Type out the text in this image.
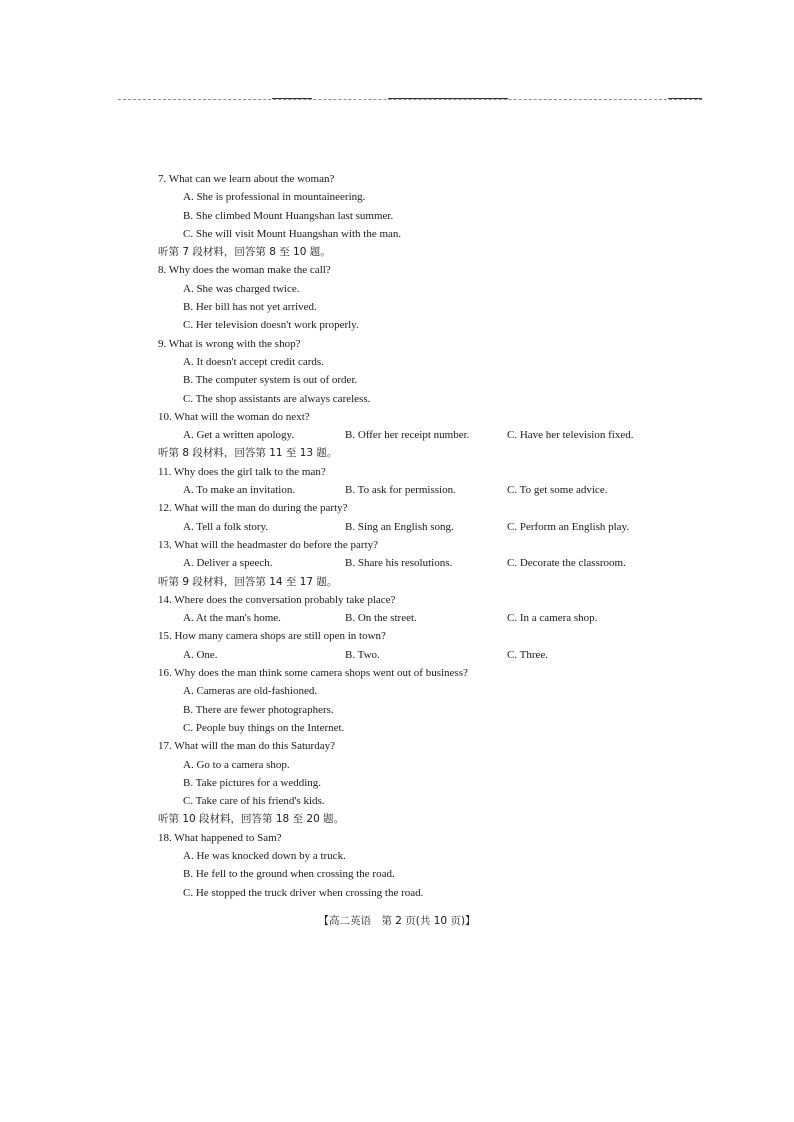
7. What can we learn about the woman?
A. She is professional in mountaineering.
B. She climbed Mount Huangshan last summer.
C. She will visit Mount Huangshan with the man.
听第 7 段材料，回答第 8 至 10 题。
8. Why does the woman make the call?
A. She was charged twice.
B. Her bill has not yet arrived.
C. Her television doesn't work properly.
9. What is wrong with the shop?
A. It doesn't accept credit cards.
B. The computer system is out of order.
C. The shop assistants are always careless.
10. What will the woman do next?
A. Get a written apology.	B. Offer her receipt number.	C. Have her television fixed.
听第 8 段材料，回答第 11 至 13 题。
11. Why does the girl talk to the man?
A. To make an invitation.	B. To ask for permission.	C. To get some advice.
12. What will the man do during the party?
A. Tell a folk story.	B. Sing an English song.	C. Perform an English play.
13. What will the headmaster do before the party?
A. Deliver a speech.	B. Share his resolutions.	C. Decorate the classroom.
听第 9 段材料，回答第 14 至 17 题。
14. Where does the conversation probably take place?
A. At the man's home.	B. On the street.	C. In a camera shop.
15. How many camera shops are still open in town?
A. One.	B. Two.	C. Three.
16. Why does the man think some camera shops went out of business?
A. Cameras are old-fashioned.
B. There are fewer photographers.
C. People buy things on the Internet.
17. What will the man do this Saturday?
A. Go to a camera shop.
B. Take pictures for a wedding.
C. Take care of his friend's kids.
听第 10 段材料，回答第 18 至 20 题。
18. What happened to Sam?
A. He was knocked down by a truck.
B. He fell to the ground when crossing the road.
C. He stopped the truck driver when crossing the road.
【高二英语　第 2 页(共 10 页)】
